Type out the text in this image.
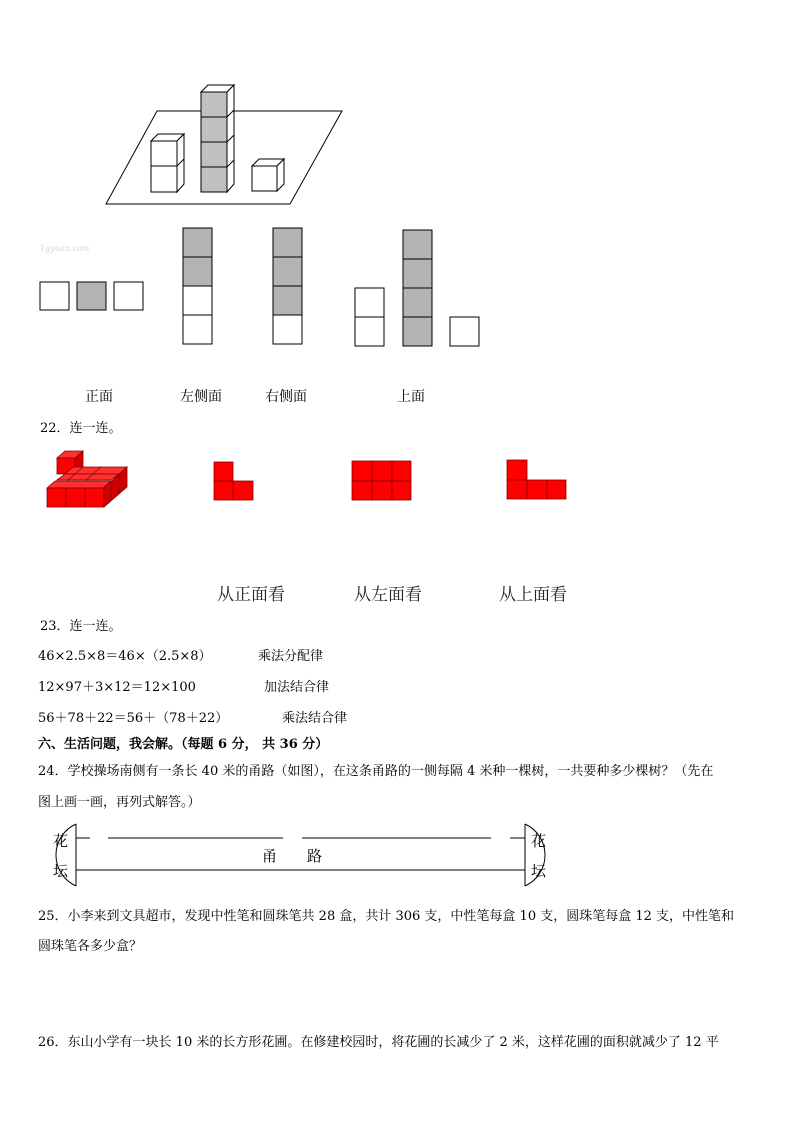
1gyuan.com
正面	左侧面	右侧面	上面
22．连一连。
从正面看	从左面看	从上面看
23．连一连。
46×2.5×8＝46×（2.5×8）
12×97＋3×12＝12×100
56＋78＋22＝56＋（78＋22）
乘法分配律
加法结合律
乘法结合律
六、生活问题，我会解。（每题 6 分， 共 36 分）
24．学校操场南侧有一条长 40 米的甬路（如图），在这条甬路的一侧每隔 4 米种一棵树，一共要种多少棵树？（先在
图上画一画，再列式解答。）
花
坛
花
坛
甬　　路
25．小李来到文具超市，发现中性笔和圆珠笔共 28 盒，共计 306 支，中性笔每盒 10 支，圆珠笔每盒 12 支，中性笔和
圆珠笔各多少盒？
26．东山小学有一块长 10 米的长方形花圃。在修建校园时，将花圃的长减少了 2 米，这样花圃的面积就减少了 12 平
